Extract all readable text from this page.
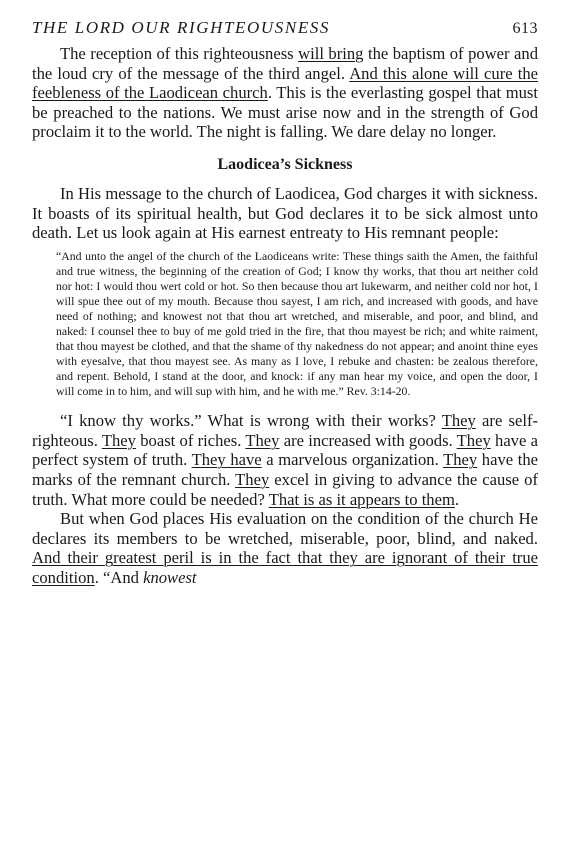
THE LORD OUR RIGHTEOUSNESS	613

The reception of this righteousness will bring the baptism of power and the loud cry of the message of the third angel. And this alone will cure the feebleness of the Laodicean church. This is the everlasting gospel that must be preached to the nations. We must arise now and in the strength of God proclaim it to the world. The night is falling. We dare delay no longer.

Laodicea’s Sickness

In His message to the church of Laodicea, God charges it with sickness. It boasts of its spiritual health, but God declares it to be sick almost unto death. Let us look again at His earnest entreaty to His remnant people:

“And unto the angel of the church of the Laodiceans write: These things saith the Amen, the faithful and true witness, the beginning of the creation of God; I know thy works, that thou art neither cold nor hot: I would thou wert cold or hot. So then because thou art lukewarm, and neither cold nor hot, I will spue thee out of my mouth. Because thou sayest, I am rich, and increased with goods, and have need of nothing; and knowest not that thou art wretched, and miserable, and poor, and blind, and naked: I counsel thee to buy of me gold tried in the fire, that thou mayest be rich; and white raiment, that thou mayest be clothed, and that the shame of thy nakedness do not appear; and anoint thine eyes with eyesalve, that thou mayest see. As many as I love, I rebuke and chasten: be zealous therefore, and repent. Behold, I stand at the door, and knock: if any man hear my voice, and open the door, I will come in to him, and will sup with him, and he with me.” Rev. 3:14-20.

“I know thy works.” What is wrong with their works? They are self-righteous. They boast of riches. They are increased with goods. They have a perfect system of truth. They have a marvelous organization. They have the marks of the remnant church. They excel in giving to advance the cause of truth. What more could be needed? That is as it appears to them.

But when God places His evaluation on the condition of the church He declares its members to be wretched, miserable, poor, blind, and naked. And their greatest peril is in the fact that they are ignorant of their true condition. “And knowest
